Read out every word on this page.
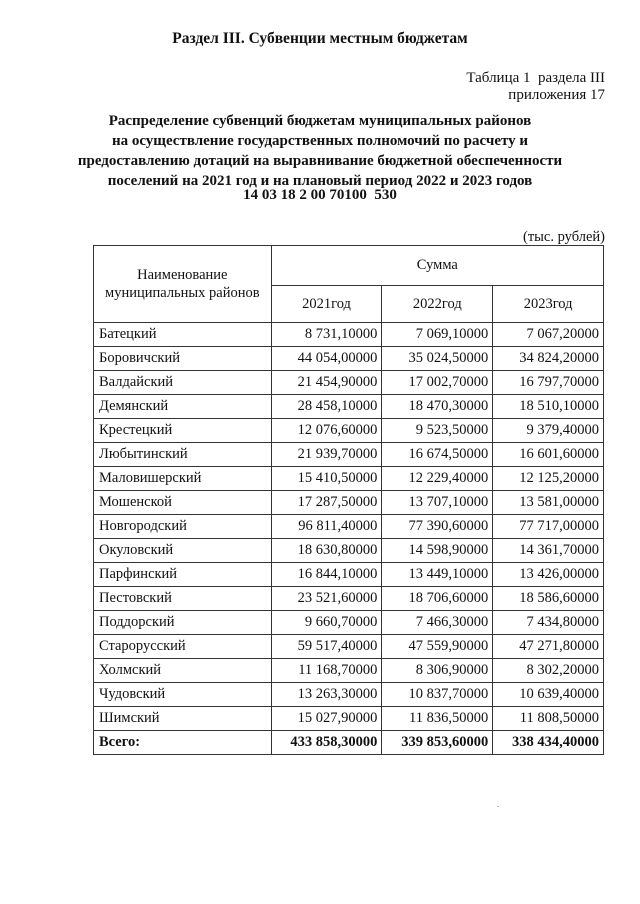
Раздел III. Субвенции местным бюджетам
Таблица 1  раздела III
приложения 17
Распределение субвенций бюджетам муниципальных районов
на осуществление государственных полномочий по расчету и
предоставлению дотаций на выравнивание бюджетной обеспеченности
поселений на 2021 год и на плановый период 2022 и 2023 годов
14 03 18 2 00 70100  530
(тыс. рублей)
Наименование муниципальных районов	Сумма		
	2021год	2022год	2023год
Батецкий	8 731,10000	7 069,10000	7 067,20000
Боровичский	44 054,00000	35 024,50000	34 824,20000
Валдайский	21 454,90000	17 002,70000	16 797,70000
Демянский	28 458,10000	18 470,30000	18 510,10000
Крестецкий	12 076,60000	9 523,50000	9 379,40000
Любытинский	21 939,70000	16 674,50000	16 601,60000
Маловишерский	15 410,50000	12 229,40000	12 125,20000
Мошенской	17 287,50000	13 707,10000	13 581,00000
Новгородский	96 811,40000	77 390,60000	77 717,00000
Окуловский	18 630,80000	14 598,90000	14 361,70000
Парфинский	16 844,10000	13 449,10000	13 426,00000
Пестовский	23 521,60000	18 706,60000	18 586,60000
Поддорский	9 660,70000	7 466,30000	7 434,80000
Старорусский	59 517,40000	47 559,90000	47 271,80000
Холмский	11 168,70000	8 306,90000	8 302,20000
Чудовский	13 263,30000	10 837,70000	10 639,40000
Шимский	15 027,90000	11 836,50000	11 808,50000
Всего:	433 858,30000	339 853,60000	338 434,40000
